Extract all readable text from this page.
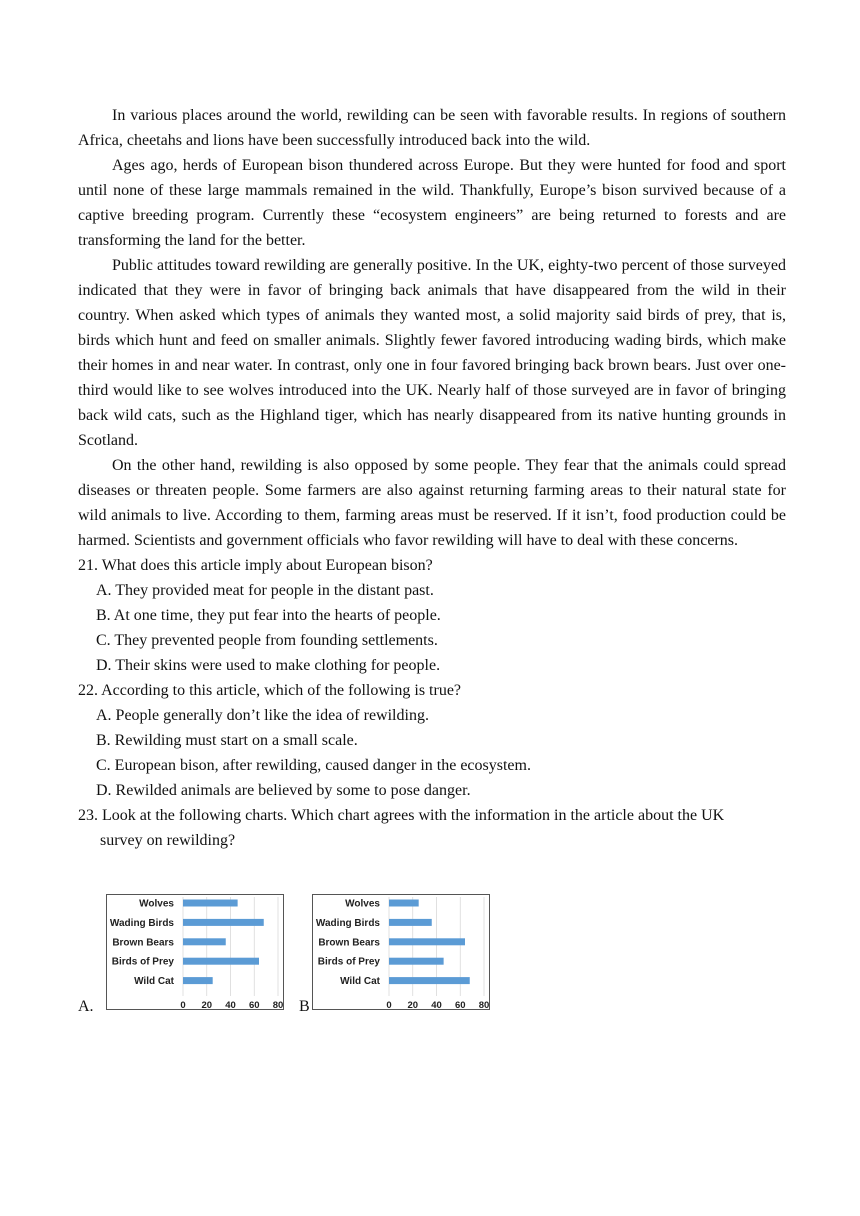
In various places around the world, rewilding can be seen with favorable results. In regions of southern Africa, cheetahs and lions have been successfully introduced back into the wild.

Ages ago, herds of European bison thundered across Europe. But they were hunted for food and sport until none of these large mammals remained in the wild. Thankfully, Europe’s bison survived because of a captive breeding program. Currently these “ecosystem engineers” are being returned to forests and are transforming the land for the better.

Public attitudes toward rewilding are generally positive. In the UK, eighty-two percent of those surveyed indicated that they were in favor of bringing back animals that have disappeared from the wild in their country. When asked which types of animals they wanted most, a solid majority said birds of prey, that is, birds which hunt and feed on smaller animals. Slightly fewer favored introducing wading birds, which make their homes in and near water. In contrast, only one in four favored bringing back brown bears. Just over one-third would like to see wolves introduced into the UK. Nearly half of those surveyed are in favor of bringing back wild cats, such as the Highland tiger, which has nearly disappeared from its native hunting grounds in Scotland.

On the other hand, rewilding is also opposed by some people. They fear that the animals could spread diseases or threaten people. Some farmers are also against returning farming areas to their natural state for wild animals to live. According to them, farming areas must be reserved. If it isn’t, food production could be harmed. Scientists and government officials who favor rewilding will have to deal with these concerns.

21. What does this article imply about European bison?

A. They provided meat for people in the distant past.

B. At one time, they put fear into the hearts of people.

C. They prevented people from founding settlements.

D. Their skins were used to make clothing for people.

22. According to this article, which of the following is true?

A. People generally don’t like the idea of rewilding.

B. Rewilding must start on a small scale.

C. European bison, after rewilding, caused danger in the ecosystem.

D. Rewilded animals are believed by some to pose danger.

23. Look at the following charts. Which chart agrees with the information in the article about the UK

survey on rewilding?

A.	0 20 40 60 80
Wolves
Wading Birds
Brown Bears
Birds of Prey
Wild Cat
B	0 20 40 60 80
Wolves
Wading Birds
Brown Bears
Birds of Prey
Wild Cat
